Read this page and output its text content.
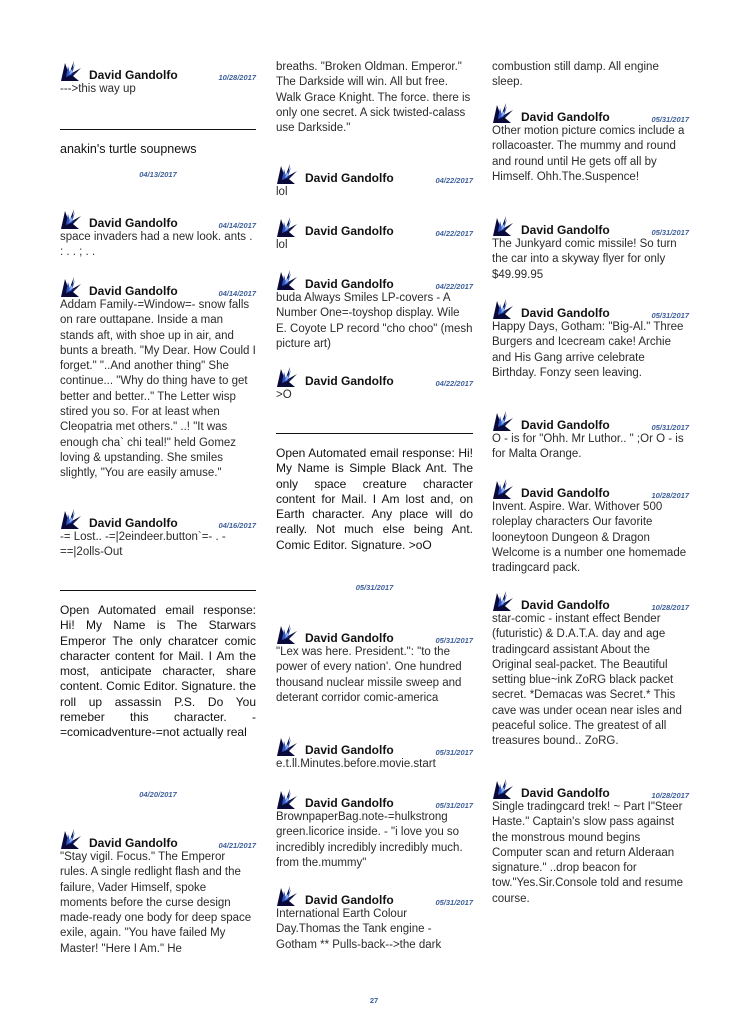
David Gandolfo	10/28/2017
--->this way up
anakin's turtle soupnews
04/13/2017
David Gandolfo	04/14/2017
space invaders had a new look. ants . : . . ; . .
David Gandolfo	04/14/2017
Addam Family-=Window=- snow falls on rare outtapane. Inside a man stands aft, with shoe up in air, and bunts a breath. "My Dear. How Could I forget." "..And another thing" She continue... "Why do thing have to get better and better.." The Letter wisp stired you so. For at least when Cleopatria met others." ..! "It was enough cha` chi teal!" held Gomez loving & upstanding. She smiles slightly, "You are easily amuse."
David Gandolfo	04/16/2017
-= Lost.. -=|2eindeer.button`=- . -==|2olls-Out
Open Automated email response: Hi! My Name is The Starwars Emperor The only charatcer comic character content for Mail. I Am the most, anticipate character, share content. Comic Editor. Signature. the roll up assassin P.S. Do You remeber this character. -=comicadventure-=not actually real
04/20/2017
David Gandolfo	04/21/2017
"Stay vigil. Focus." The Emperor rules. A single redlight flash and the failure, Vader Himself, spoke moments before the curse design made-ready one body for deep space exile, again. "You have failed My Master! "Here I Am." He
breaths. "Broken Oldman. Emperor." The Darkside will win. All but free. Walk Grace Knight. The force. there is only one secret. A sick twisted-calass use Darkside."
David Gandolfo	04/22/2017
lol
David Gandolfo	04/22/2017
lol
David Gandolfo	04/22/2017
buda Always Smiles LP-covers - A Number One=-toyshop display. Wile E. Coyote LP record "cho choo" (mesh picture art)
David Gandolfo	04/22/2017
>O
Open Automated email response: Hi! My Name is Simple Black Ant. The only space creature character content for Mail. I Am lost and, on Earth character. Any place will do really. Not much else being Ant. Comic Editor. Signature. >oO
05/31/2017
David Gandolfo	05/31/2017
"Lex was here. President.": "to the power of every nation'. One hundred thousand nuclear missile sweep and deterant corridor comic-america
David Gandolfo	05/31/2017
e.t.ll.Minutes.before.movie.start
David Gandolfo	05/31/2017
BrownpaperBag.note-=hulkstrong green.licorice inside. - "i love you so incredibly incredibly incredibly much. from the.mummy"
David Gandolfo	05/31/2017
International Earth Colour Day.Thomas the Tank engine - Gotham ** Pulls-back-->the dark
combustion still damp. All engine sleep.
David Gandolfo	05/31/2017
Other motion picture comics include a rollacoaster. The mummy and round and round until He gets off all by Himself. Ohh.The.Suspence!
David Gandolfo	05/31/2017
The Junkyard comic missile! So turn the car into a skyway flyer for only $49.99.95
David Gandolfo	05/31/2017
Happy Days, Gotham: "Big-Al." Three Burgers and Icecream cake! Archie and His Gang arrive celebrate Birthday. Fonzy seen leaving.
David Gandolfo	05/31/2017
O - is for "Ohh. Mr Luthor.. " ;Or O - is for Malta Orange.
David Gandolfo	10/28/2017
Invent. Aspire. War. Withover 500 roleplay characters Our favorite looneytoon Dungeon & Dragon Welcome is a number one homemade tradingcard pack.
David Gandolfo	10/28/2017
star-comic - instant effect Bender (futuristic) & D.A.T.A. day and age tradingcard assistant About the Original seal-packet. The Beautiful setting blue~ink ZoRG black packet secret. *Demacas was Secret.* This cave was under ocean near isles and peaceful solice. The greatest of all treasures bound.. ZoRG.
David Gandolfo	10/28/2017
Single tradingcard trek! ~ Part I"Steer Haste." Captain's slow pass against the monstrous mound begins Computer scan and return Alderaan signature." ..drop beacon for tow."Yes.Sir.Console told and resume course.
27
